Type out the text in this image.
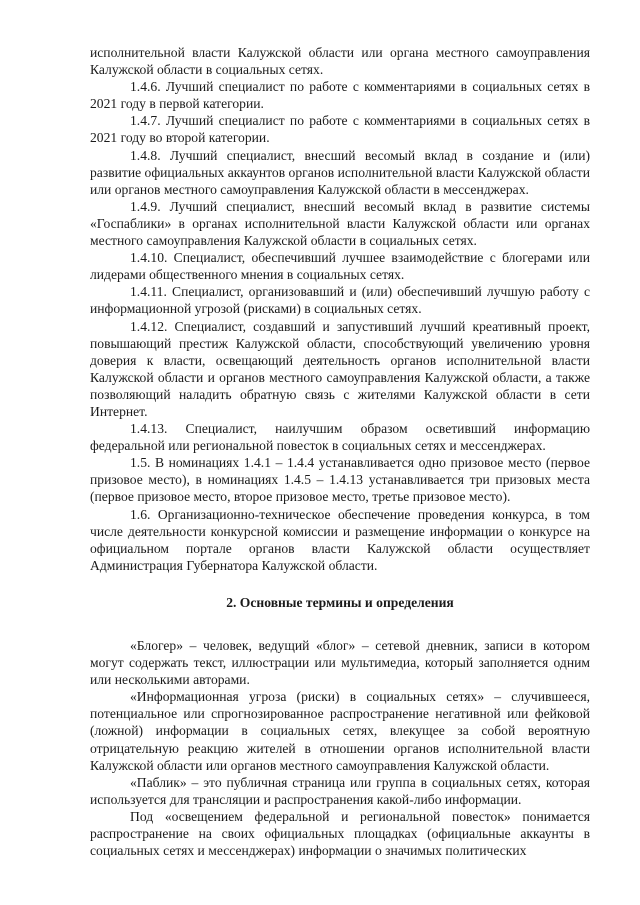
исполнительной власти Калужской области или органа местного самоуправления Калужской области в социальных сетях.

1.4.6. Лучший специалист по работе с комментариями в социальных сетях в 2021 году в первой категории.

1.4.7. Лучший специалист по работе с комментариями в социальных сетях в 2021 году во второй категории.

1.4.8. Лучший специалист, внесший весомый вклад в создание и (или) развитие официальных аккаунтов органов исполнительной власти Калужской области или органов местного самоуправления Калужской области в мессенджерах.

1.4.9. Лучший специалист, внесший весомый вклад в развитие системы «Госпаблики» в органах исполнительной власти Калужской области или органах местного самоуправления Калужской области в социальных сетях.

1.4.10. Специалист, обеспечивший лучшее взаимодействие с блогерами или лидерами общественного мнения в социальных сетях.

1.4.11. Специалист, организовавший и (или) обеспечивший лучшую работу с информационной угрозой (рисками) в социальных сетях.

1.4.12. Специалист, создавший и запустивший лучший креативный проект, повышающий престиж Калужской области, способствующий увеличению уровня доверия к власти, освещающий деятельность органов исполнительной власти Калужской области и органов местного самоуправления Калужской области, а также позволяющий наладить обратную связь с жителями Калужской области в сети Интернет.

1.4.13. Специалист, наилучшим образом осветивший информацию федеральной или региональной повесток в социальных сетях и мессенджерах.

1.5. В номинациях 1.4.1 – 1.4.4 устанавливается одно призовое место (первое призовое место), в номинациях 1.4.5 – 1.4.13 устанавливается три призовых места (первое призовое место, второе призовое место, третье призовое место).

1.6. Организационно-техническое обеспечение проведения конкурса, в том числе деятельности конкурсной комиссии и размещение информации о конкурсе на официальном портале органов власти Калужской области осуществляет Администрация Губернатора Калужской области.

2. Основные термины и определения

«Блогер» – человек, ведущий «блог» – сетевой дневник, записи в котором могут содержать текст, иллюстрации или мультимедиа, который заполняется одним или несколькими авторами.

«Информационная угроза (риски) в социальных сетях» – случившееся, потенциальное или спрогнозированное распространение негативной или фейковой (ложной) информации в социальных сетях, влекущее за собой вероятную отрицательную реакцию жителей в отношении органов исполнительной власти Калужской области или органов местного самоуправления Калужской области.

«Паблик» – это публичная страница или группа в социальных сетях, которая используется для трансляции и распространения какой-либо информации.

Под «освещением федеральной и региональной повесток» понимается распространение на своих официальных площадках (официальные аккаунты в социальных сетях и мессенджерах) информации о значимых политических
